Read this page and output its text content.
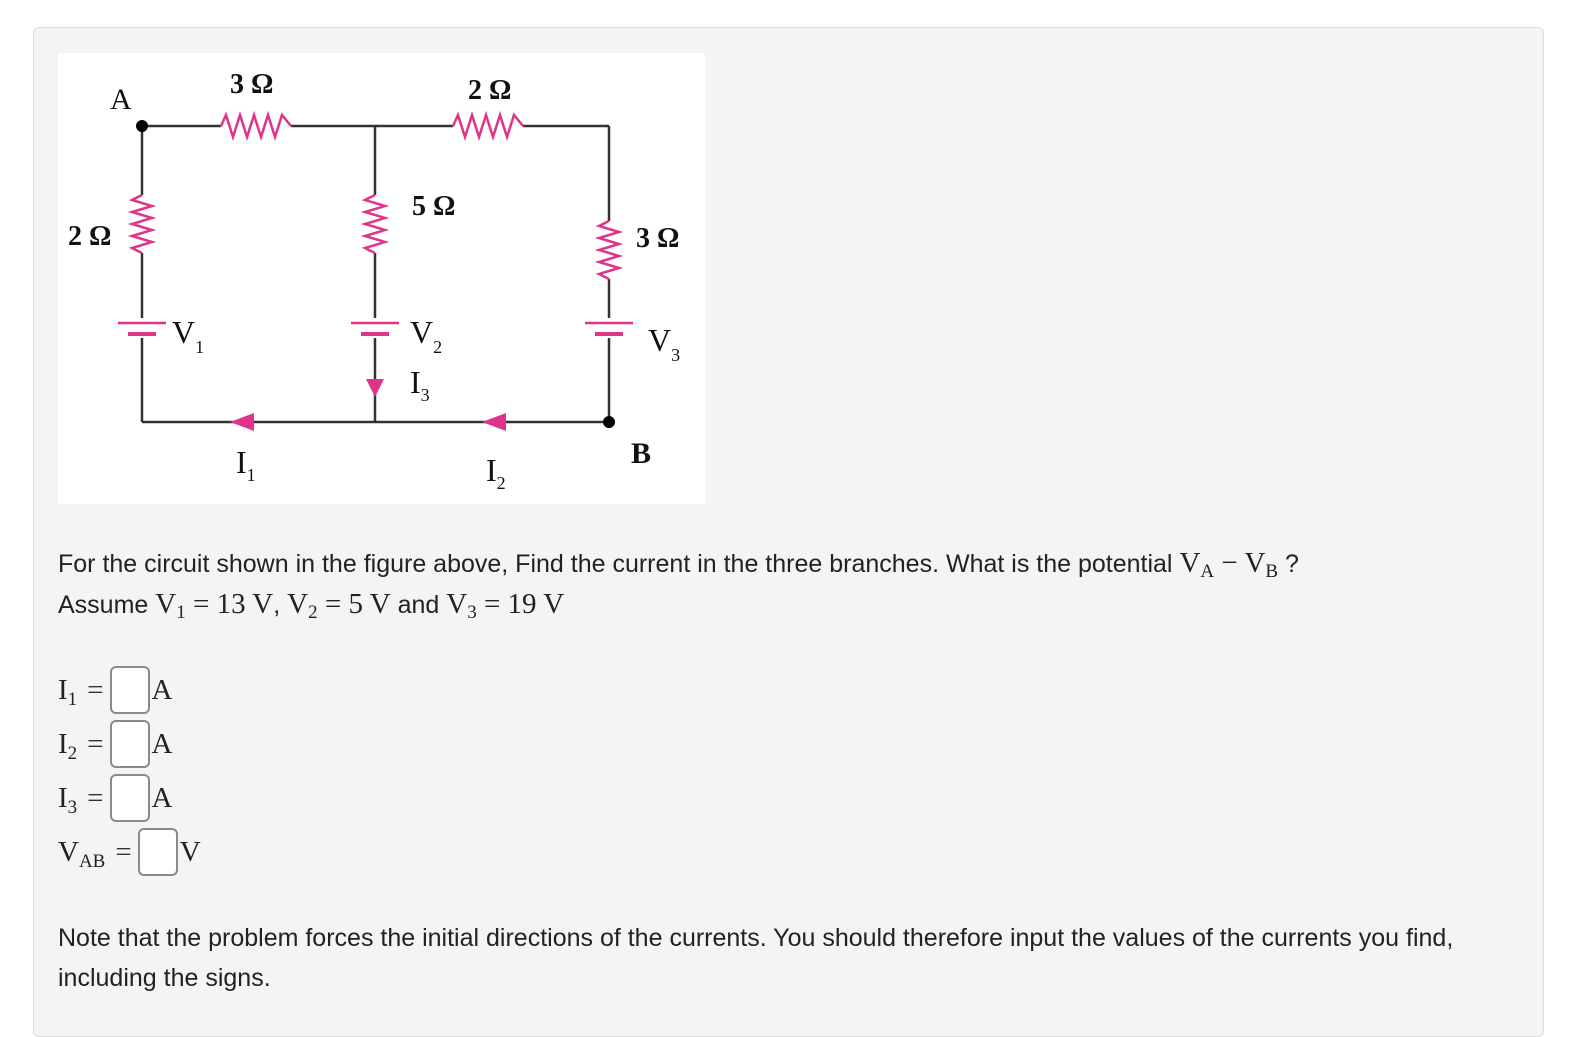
A
B
3 Ω	2 Ω
2 Ω
5 Ω
3 Ω
$V_1$	$V_2$	$V_3$
$I_1$	$I_2$
$I_3$
For the circuit shown in the figure above, Find the current in the three branches. What is the potential $V_A - V_B$ ?
Assume $V_1 = 13$ V, $V_2 = 5$ V and $V_3 = 19$ V
$I_1 = A$
$I_2 = A$
$I_3 = A$
$V_{AB} = V$
Note that the problem forces the initial directions of the currents. You should therefore input the values of the currents you find, including the signs.
